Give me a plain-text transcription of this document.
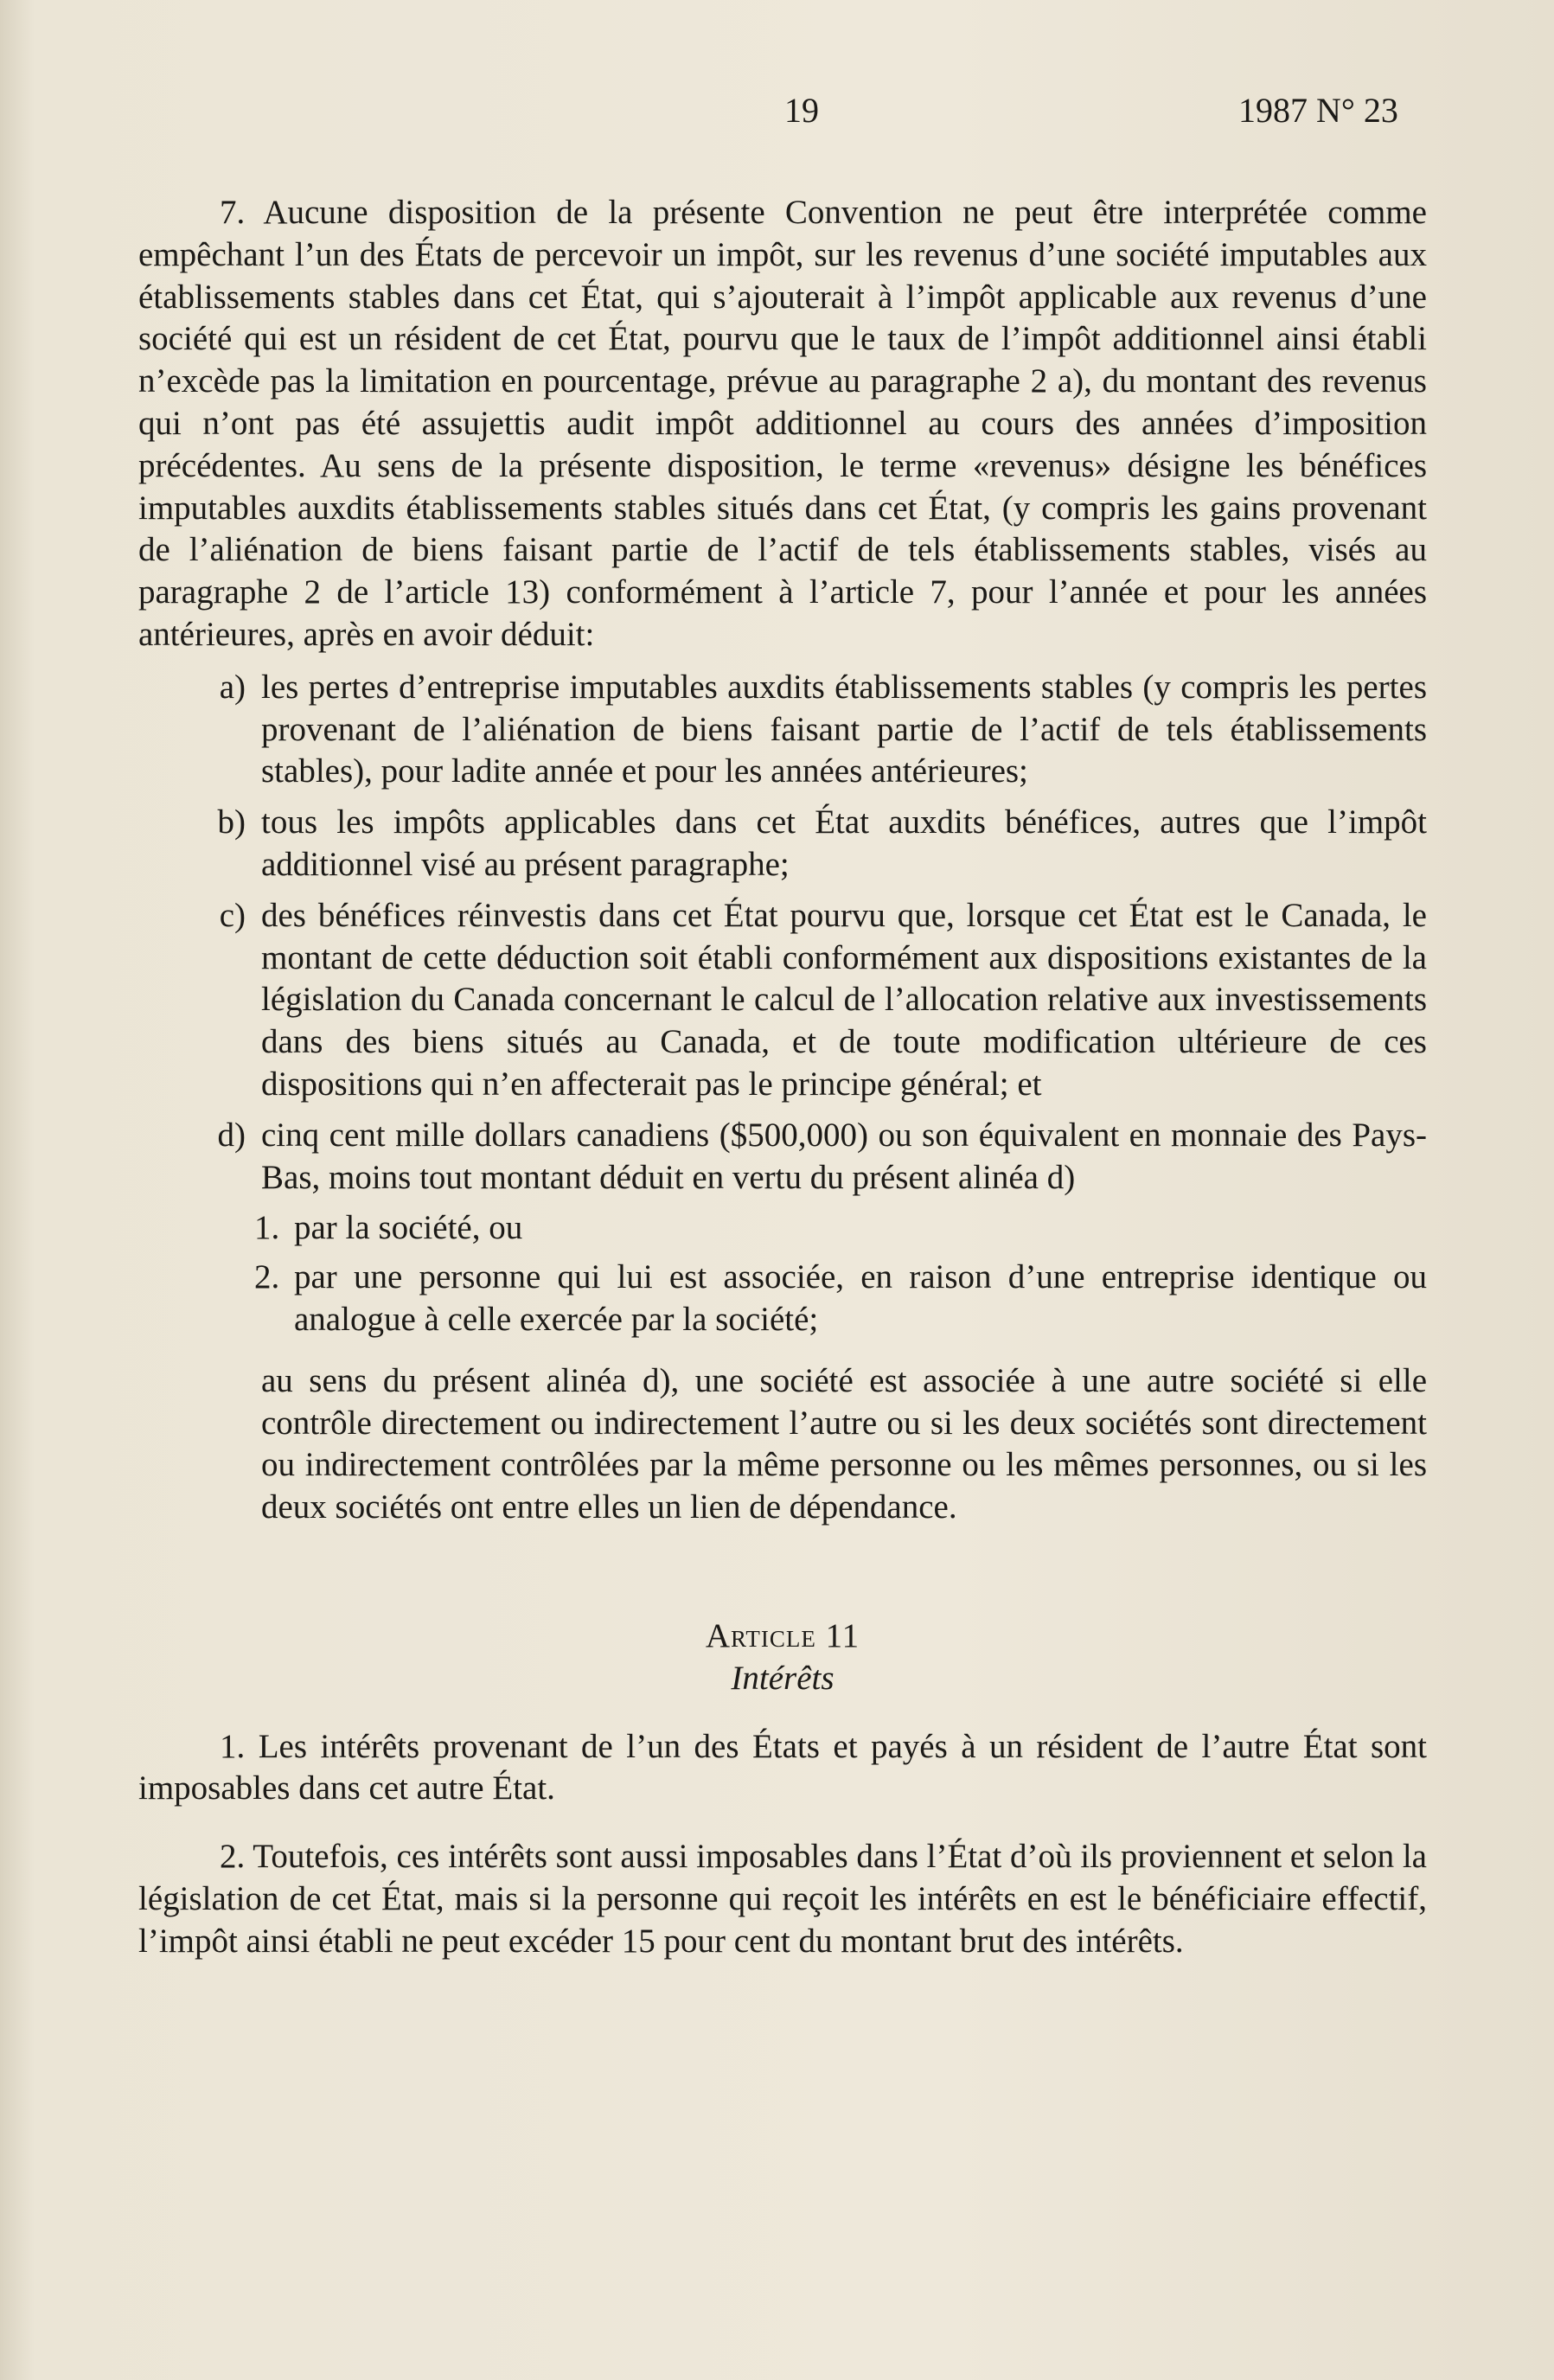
19	1987 N° 23

7. Aucune disposition de la présente Convention ne peut être interprétée comme empêchant l’un des États de percevoir un impôt, sur les revenus d’une société imputables aux établissements stables dans cet État, qui s’ajouterait à l’impôt applicable aux revenus d’une société qui est un résident de cet État, pourvu que le taux de l’impôt additionnel ainsi établi n’excède pas la limitation en pourcentage, prévue au paragraphe 2 a), du montant des revenus qui n’ont pas été assujettis audit impôt additionnel au cours des années d’imposition précédentes. Au sens de la présente disposition, le terme «revenus» désigne les bénéfices imputables auxdits établissements stables situés dans cet État, (y compris les gains provenant de l’aliénation de biens faisant partie de l’actif de tels établissements stables, visés au paragraphe 2 de l’article 13) conformément à l’article 7, pour l’année et pour les années antérieures, après en avoir déduit:

a) les pertes d’entreprise imputables auxdits établissements stables (y compris les pertes provenant de l’aliénation de biens faisant partie de l’actif de tels établissements stables), pour ladite année et pour les années antérieures;
b) tous les impôts applicables dans cet État auxdits bénéfices, autres que l’impôt additionnel visé au présent paragraphe;
c) des bénéfices réinvestis dans cet État pourvu que, lorsque cet État est le Canada, le montant de cette déduction soit établi conformément aux dispositions existantes de la législation du Canada concernant le calcul de l’allocation relative aux investissements dans des biens situés au Canada, et de toute modification ultérieure de ces dispositions qui n’en affecterait pas le principe général; et
d) cinq cent mille dollars canadiens ($500,000) ou son équivalent en monnaie des Pays-Bas, moins tout montant déduit en vertu du présent alinéa d)
1. par la société, ou
2. par une personne qui lui est associée, en raison d’une entreprise identique ou analogue à celle exercée par la société;

au sens du présent alinéa d), une société est associée à une autre société si elle contrôle directement ou indirectement l’autre ou si les deux sociétés sont directement ou indirectement contrôlées par la même personne ou les mêmes personnes, ou si les deux sociétés ont entre elles un lien de dépendance.

Article 11
Intérêts

1. Les intérêts provenant de l’un des États et payés à un résident de l’autre État sont imposables dans cet autre État.

2. Toutefois, ces intérêts sont aussi imposables dans l’État d’où ils proviennent et selon la législation de cet État, mais si la personne qui reçoit les intérêts en est le bénéficiaire effectif, l’impôt ainsi établi ne peut excéder 15 pour cent du montant brut des intérêts.
